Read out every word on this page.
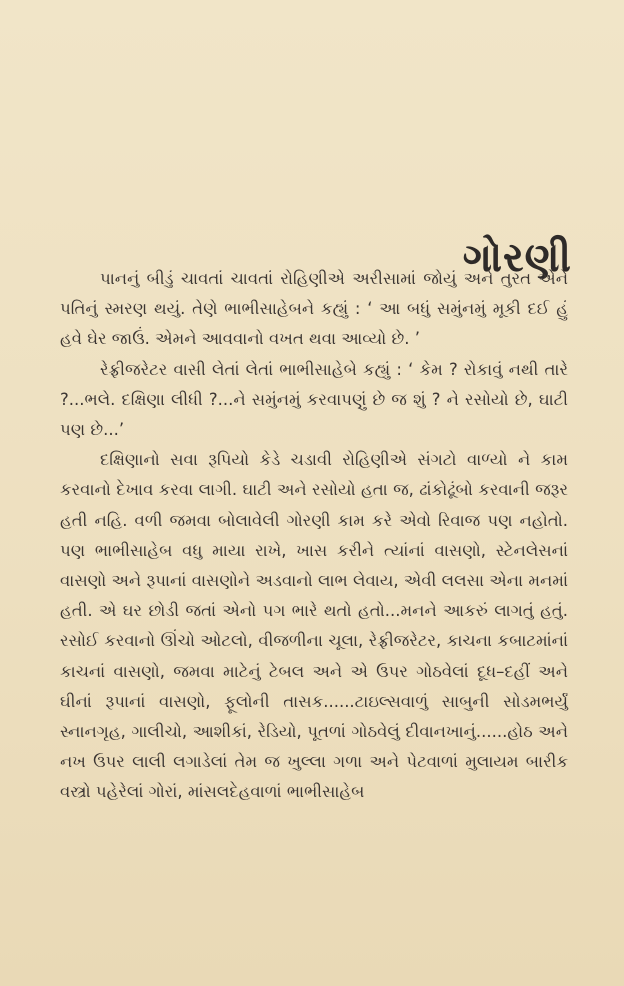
ગોરણી

પાનનું બીડું ચાવતાં ચાવતાં રોહિણીએ અરીસામાં જોયું અને તુરત એને પતિનું સ્મરણ થયું. તેણે ભાભીસાહેબને કહ્યું : ‘ આ બધું સમુંનમું મૂકી દઈ હું હવે ઘેર જાઉં. એમને આવવાનો વખત થવા આવ્યો છે. ’

રેફ્રીજરેટર વાસી લેતાં લેતાં ભાભીસાહેબે કહ્યું : ‘ કેમ ? રોકાવું નથી તારે ?...ભલે. દક્ષિણા લીધી ?...ને સમુંનમું કરવાપણું છે જ શું ? ને રસોયો છે, ઘાટી પણ છે...’

દક્ષિણાનો સવા રૂપિયો કેડે ચડાવી રોહિણીએ સંગટો વાળ્યો ને કામ કરવાનો દેખાવ કરવા લાગી. ઘાટી અને રસોયો હતા જ, ઢાંકોઢૂંબો કરવાની જરૂર હતી નહિ. વળી જમવા બોલાવેલી ગોરણી કામ કરે એવો રિવાજ પણ નહોતો. પણ ભાભીસાહેબ વધુ માયા રાખે, ખાસ કરીને ત્યાંનાં વાસણો, સ્ટેનલેસનાં વાસણો અને રૂપાનાં વાસણોને અડવાનો લાભ લેવાય, એવી લલસા એના મનમાં હતી. એ ઘર છોડી જતાં એનો પગ ભારે થતો હતો...મનને આકરું લાગતું હતું. રસોઈ કરવાનો ઊંચો ઓટલો, વીજળીના ચૂલા, રેફ્રીજરેટર, કાચના કબાટમાંનાં કાચનાં વાસણો, જમવા માટેનું ટેબલ અને એ ઉપર ગોઠવેલાં દૂધ–દહીં અને ઘીનાં રૂપાનાં વાસણો, ફૂલોની તાસક......ટાઇલ્સવાળું સાબુની સોડમભર્યું સ્નાનગૃહ, ગાલીચો, આશીકાં, રેડિયો, પૂતળાં ગોઠવેલું દીવાનખાનું......હોઠ અને નખ ઉપર લાલી લગાડેલાં તેમ જ ખુલ્લા ગળા અને પેટવાળાં મુલાયમ બારીક વસ્ત્રો પહેરેલાં ગોરાં, માંસલદેહવાળાં ભાભીસાહેબ
